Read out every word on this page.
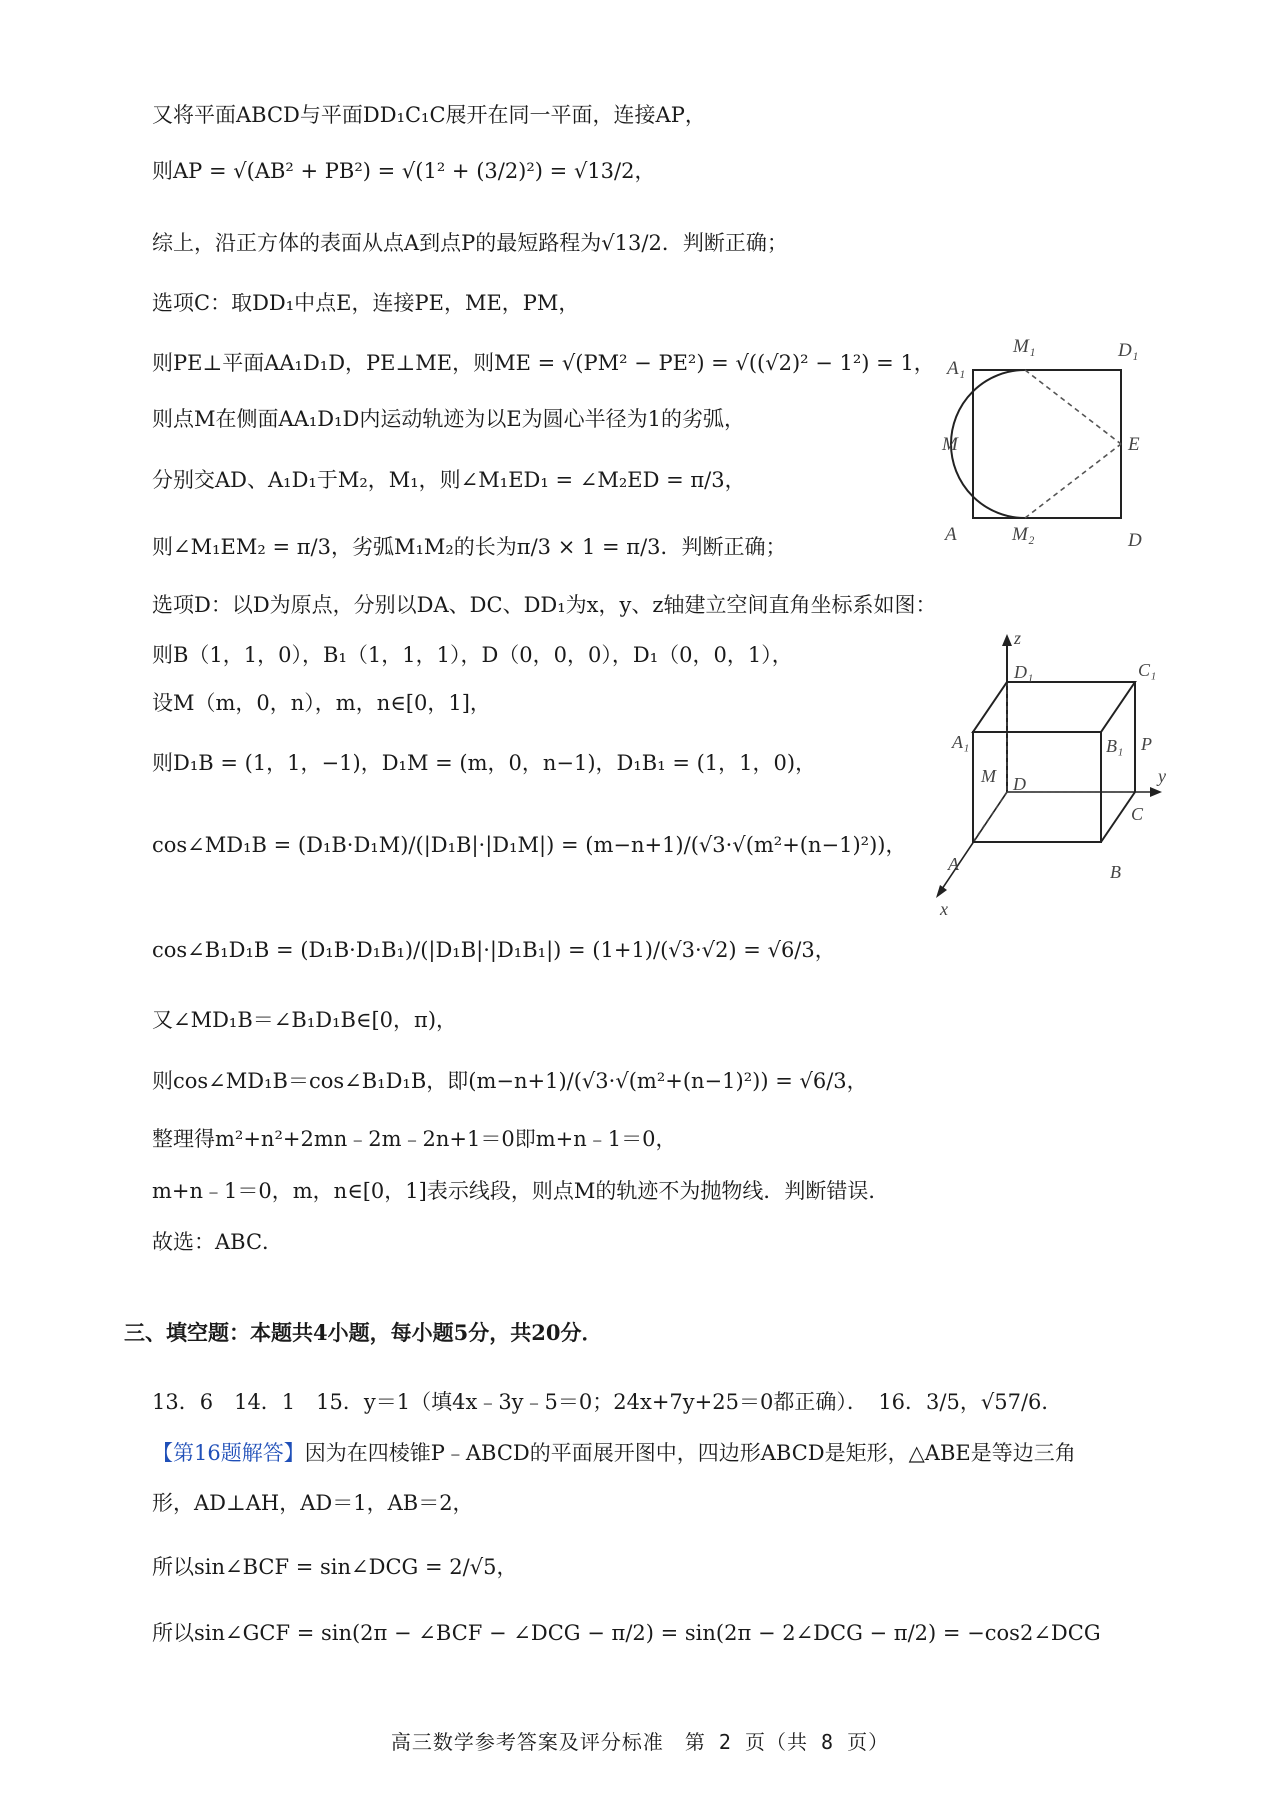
又将平面ABCD与平面DD₁C₁C展开在同一平面，连接AP，
则AP = √(AB² + PB²) = √(1² + (3/2)²) = √13/2，
综上，沿正方体的表面从点A到点P的最短路程为√13/2．判断正确；
选项C：取DD₁中点E，连接PE，ME，PM，
则PE⊥平面AA₁D₁D，PE⊥ME，则ME = √(PM² − PE²) = √((√2)² − 1²) = 1，
则点M在侧面AA₁D₁D内运动轨迹为以E为圆心半径为1的劣弧，
分别交AD、A₁D₁于M₂，M₁，则∠M₁ED₁ = ∠M₂ED = π/3，
则∠M₁EM₂ = π/3，劣弧M₁M₂的长为π/3 × 1 = π/3．判断正确；
选项D：以D为原点，分别以DA、DC、DD₁为x，y、z轴建立空间直角坐标系如图：
则B（1，1，0），B₁（1，1，1），D（0，0，0），D₁（0，0，1），
设M（m，0，n），m，n∈[0，1]，
则D₁B = (1，1，−1)，D₁M = (m，0，n−1)，D₁B₁ = (1，1，0)，
cos∠MD₁B = (D₁B·D₁M)/(|D₁B|·|D₁M|) = (m−n+1)/(√3·√(m²+(n−1)²))，
cos∠B₁D₁B = (D₁B·D₁B₁)/(|D₁B|·|D₁B₁|) = (1+1)/(√3·√2) = √6/3，
又∠MD₁B＝∠B₁D₁B∈[0，π)，
则cos∠MD₁B＝cos∠B₁D₁B，即(m−n+1)/(√3·√(m²+(n−1)²)) = √6/3，
整理得m²+n²+2mn﹣2m﹣2n+1＝0即m+n﹣1＝0，
m+n﹣1＝0，m，n∈[0，1]表示线段，则点M的轨迹不为抛物线．判断错误．
故选：ABC．
三、填空题：本题共4小题，每小题5分，共20分．
13．6　14．1　15．y＝1（填4x﹣3y﹣5＝0；24x+7y+25＝0都正确）．　16．3/5，√57/6．
【第16题解答】因为在四棱锥P﹣ABCD的平面展开图中，四边形ABCD是矩形，△ABE是等边三角
形，AD⊥AH，AD＝1，AB＝2，
所以sin∠BCF = sin∠DCG = 2/√5，
所以sin∠GCF = sin(2π − ∠BCF − ∠DCG − π/2) = sin(2π − 2∠DCG − π/2) = −cos2∠DCG
A₁
M₁	D₁
M	E
A	M₂	D
z
y
x
C₁
D₁
A₁	B₁ P
M D
C
A	B
高三数学参考答案及评分标准　第 2 页（共 8 页）
